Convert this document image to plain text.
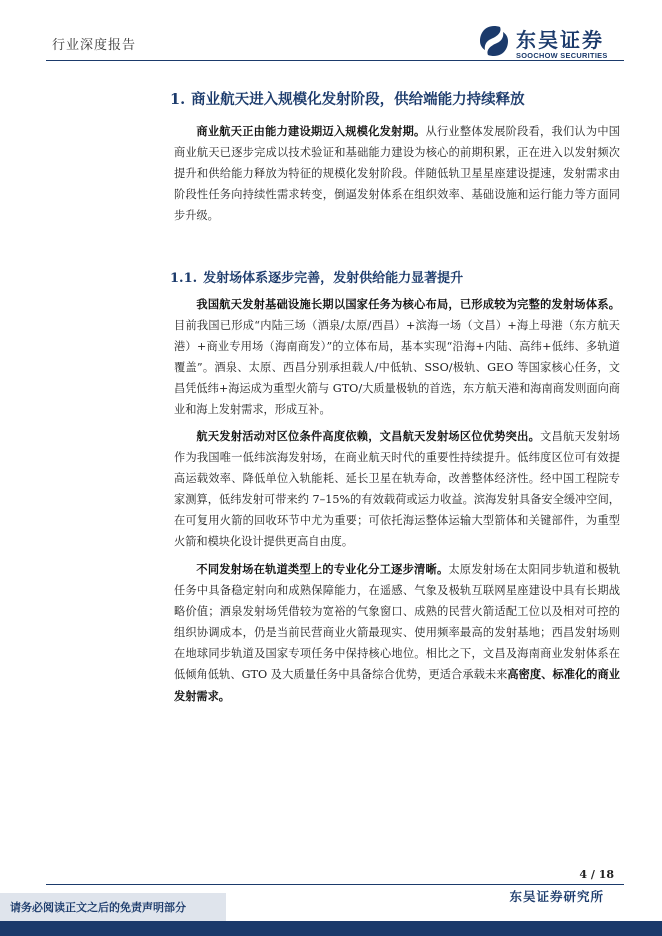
行业深度报告	东吴证券
SOOCHOW SECURITIES
1. 商业航天进入规模化发射阶段，供给端能力持续释放

商业航天正由能力建设期迈入规模化发射期。从行业整体发展阶段看，我们认为中国商业航天已逐步完成以技术验证和基础能力建设为核心的前期积累，正在进入以发射频次提升和供给能力释放为特征的规模化发射阶段。伴随低轨卫星星座建设提速，发射需求由阶段性任务向持续性需求转变，倒逼发射体系在组织效率、基础设施和运行能力等方面同步升级。

1.1. 发射场体系逐步完善，发射供给能力显著提升

我国航天发射基础设施长期以国家任务为核心布局，已形成较为完整的发射场体系。目前我国已形成“内陆三场（酒泉/太原/西昌）+滨海一场（文昌）+海上母港（东方航天港）+商业专用场（海南商发）”的立体布局，基本实现“沿海+内陆、高纬+低纬、多轨道覆盖”。酒泉、太原、西昌分别承担载人/中低轨、SSO/极轨、GEO 等国家核心任务，文昌凭低纬+海运成为重型火箭与 GTO/大质量极轨的首选，东方航天港和海南商发则面向商业和海上发射需求，形成互补。

航天发射活动对区位条件高度依赖，文昌航天发射场区位优势突出。文昌航天发射场作为我国唯一低纬滨海发射场，在商业航天时代的重要性持续提升。低纬度区位可有效提高运载效率、降低单位入轨能耗、延长卫星在轨寿命，改善整体经济性。经中国工程院专家测算，低纬发射可带来约 7–15%的有效载荷或运力收益。滨海发射具备安全缓冲空间，在可复用火箭的回收环节中尤为重要；可依托海运整体运输大型箭体和关键部件，为重型火箭和模块化设计提供更高自由度。

不同发射场在轨道类型上的专业化分工逐步清晰。太原发射场在太阳同步轨道和极轨任务中具备稳定射向和成熟保障能力，在遥感、气象及极轨互联网星座建设中具有长期战略价值；酒泉发射场凭借较为宽裕的气象窗口、成熟的民营火箭适配工位以及相对可控的组织协调成本，仍是当前民营商业火箭最现实、使用频率最高的发射基地；西昌发射场则在地球同步轨道及国家专项任务中保持核心地位。相比之下，文昌及海南商业发射体系在低倾角低轨、GTO 及大质量任务中具备综合优势，更适合承载未来高密度、标准化的商业发射需求。

4 / 18
东吴证券研究所
请务必阅读正文之后的免责声明部分
